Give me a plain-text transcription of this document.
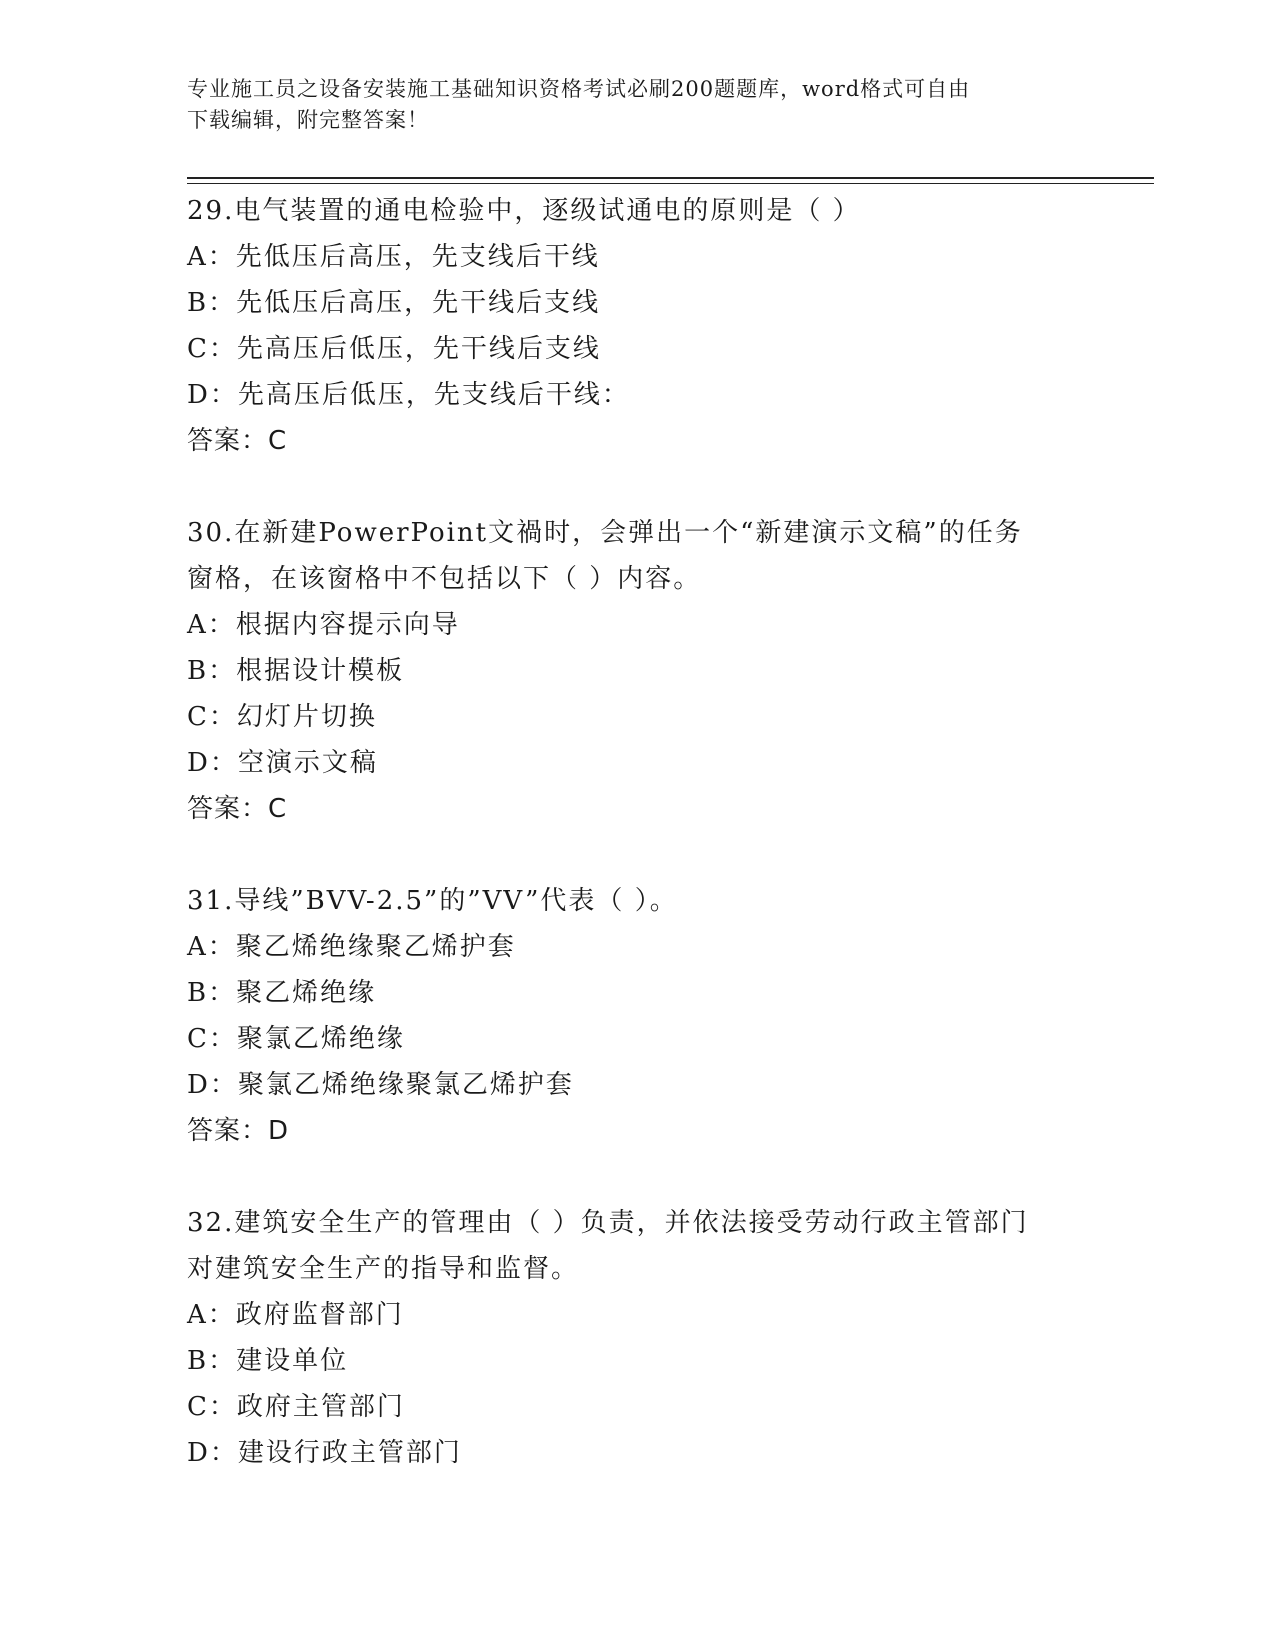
专业施工员之设备安装施工基础知识资格考试必刷200题题库，word格式可自由
下载编辑，附完整答案！
29.电气装置的通电检验中，逐级试通电的原则是（ ）
A：先低压后高压，先支线后干线
B：先低压后高压，先干线后支线
C：先高压后低压，先干线后支线
D：先高压后低压，先支线后干线：
答案：C
30.在新建PowerPoint文禍时，会弹出一个“新建演示文稿”的任务
窗格，在该窗格中不包括以下（ ）内容。
A：根据内容提示向导
B：根据设计模板
C：幻灯片切换
D：空演示文稿
答案：C
31.导线”BVV-2.5”的”VV”代表（ ）。
A：聚乙烯绝缘聚乙烯护套
B：聚乙烯绝缘
C：聚氯乙烯绝缘
D：聚氯乙烯绝缘聚氯乙烯护套
答案：D
32.建筑安全生产的管理由（ ）负责，并依法接受劳动行政主管部门
对建筑安全生产的指导和监督。
A：政府监督部门
B：建设单位
C：政府主管部门
D：建设行政主管部门
